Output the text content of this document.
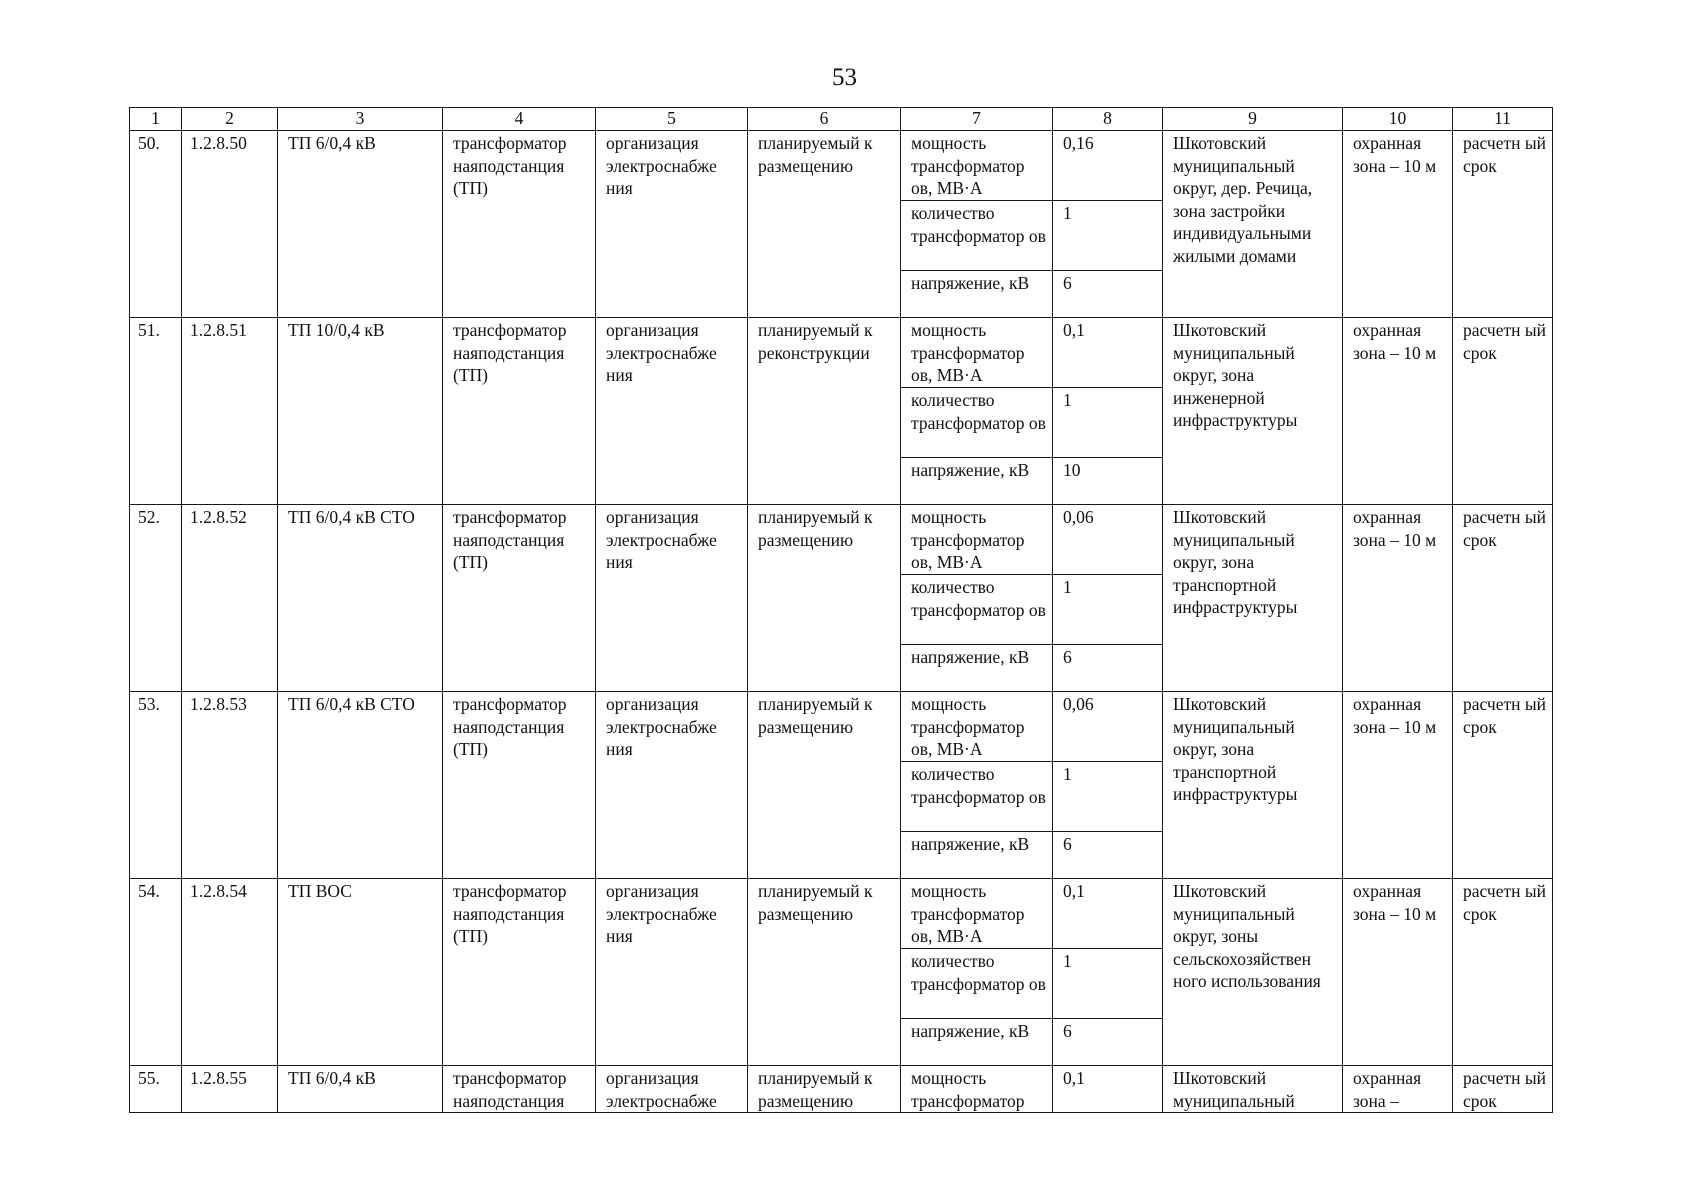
53
1	2	3	4	5	6	7	8	9	10	11
50.	1.2.8.50	ТП 6/0,4 кВ	трансформатор наяподстанция (ТП)	организация электроснабже ния	планируемый к размещению	мощность трансформатор ов, МВ·А	0,16	Шкотовский муниципальный округ, дер. Речица, зона застройки индивидуальными жилыми домами	охранная зона – 10 м	расчетн ый срок
						количество трансформатор ов	1			
						напряжение, кВ	6			
51.	1.2.8.51	ТП 10/0,4 кВ	трансформатор наяподстанция (ТП)	организация электроснабже ния	планируемый к реконструкции	мощность трансформатор ов, МВ·А	0,1	Шкотовский муниципальный округ, зона инженерной инфраструктуры	охранная зона – 10 м	расчетн ый срок
						количество трансформатор ов	1			
						напряжение, кВ	10			
52.	1.2.8.52	ТП 6/0,4 кВ СТО	трансформатор наяподстанция (ТП)	организация электроснабже ния	планируемый к размещению	мощность трансформатор ов, МВ·А	0,06	Шкотовский муниципальный округ, зона транспортной инфраструктуры	охранная зона – 10 м	расчетн ый срок
						количество трансформатор ов	1			
						напряжение, кВ	6			
53.	1.2.8.53	ТП 6/0,4 кВ СТО	трансформатор наяподстанция (ТП)	организация электроснабже ния	планируемый к размещению	мощность трансформатор ов, МВ·А	0,06	Шкотовский муниципальный округ, зона транспортной инфраструктуры	охранная зона – 10 м	расчетн ый срок
						количество трансформатор ов	1			
						напряжение, кВ	6			
54.	1.2.8.54	ТП ВОС	трансформатор наяподстанция (ТП)	организация электроснабже ния	планируемый к размещению	мощность трансформатор ов, МВ·А	0,1	Шкотовский муниципальный округ, зоны сельскохозяйствен ного использования	охранная зона – 10 м	расчетн ый срок
						количество трансформатор ов	1			
						напряжение, кВ	6			
55.	1.2.8.55	ТП 6/0,4 кВ	трансформатор наяподстанция	организация электроснабже	планируемый к размещению	мощность трансформатор	0,1	Шкотовский муниципальный	охранная зона –	расчетн ый срок
